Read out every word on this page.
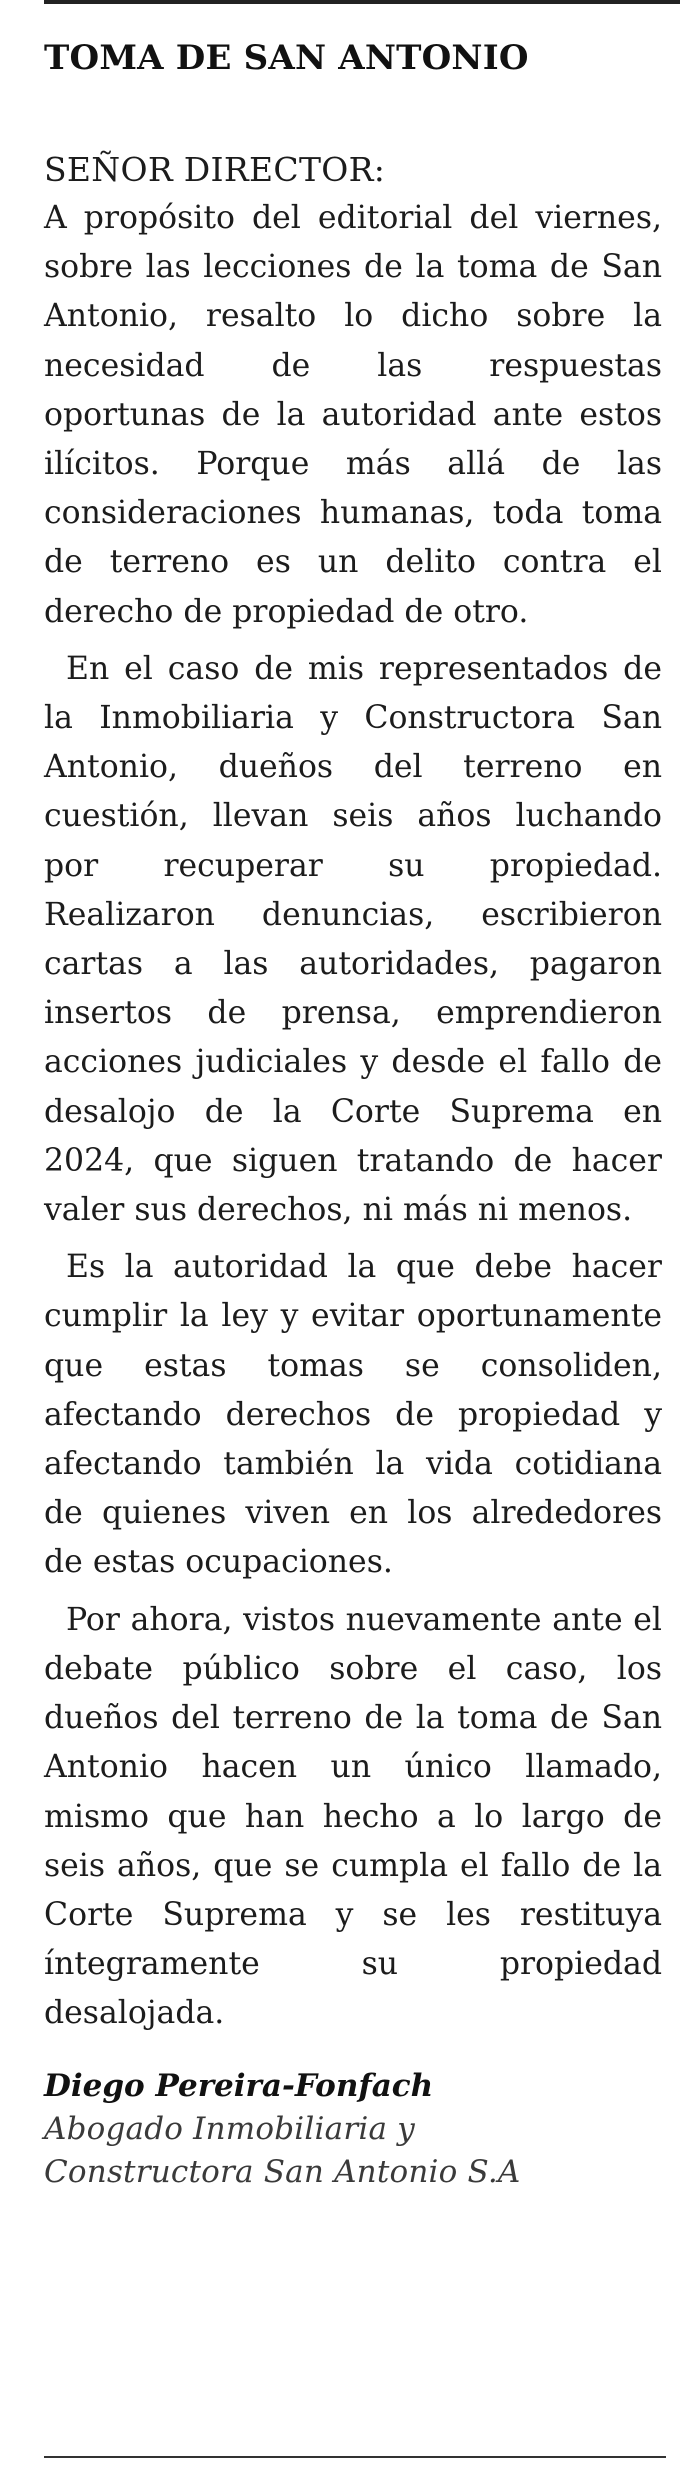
TOMA DE SAN ANTONIO
SEÑOR DIRECTOR:

A propósito del editorial del viernes, sobre las lecciones de la toma de San Antonio, resalto lo dicho sobre la necesidad de las respuestas oportunas de la autoridad ante estos ilícitos. Porque más allá de las consideraciones humanas, toda toma de terreno es un delito contra el derecho de propiedad de otro.

En el caso de mis representados de la Inmobiliaria y Constructora San Antonio, dueños del terreno en cuestión, llevan seis años luchando por recuperar su propiedad. Realizaron denuncias, escribieron cartas a las autoridades, pagaron insertos de prensa, emprendieron acciones judiciales y desde el fallo de desalojo de la Corte Suprema en 2024, que siguen tratando de hacer valer sus derechos, ni más ni menos.

Es la autoridad la que debe hacer cumplir la ley y evitar oportunamente que estas tomas se consoliden, afectando derechos de propiedad y afectando también la vida cotidiana de quienes viven en los alrededores de estas ocupaciones.

Por ahora, vistos nuevamente ante el debate público sobre el caso, los dueños del terreno de la toma de San Antonio hacen un único llamado, mismo que han hecho a lo largo de seis años, que se cumpla el fallo de la Corte Suprema y se les restituya íntegramente su propiedad desalojada.

Diego Pereira-Fonfach

Abogado Inmobiliaria y

Constructora San Antonio S.A
